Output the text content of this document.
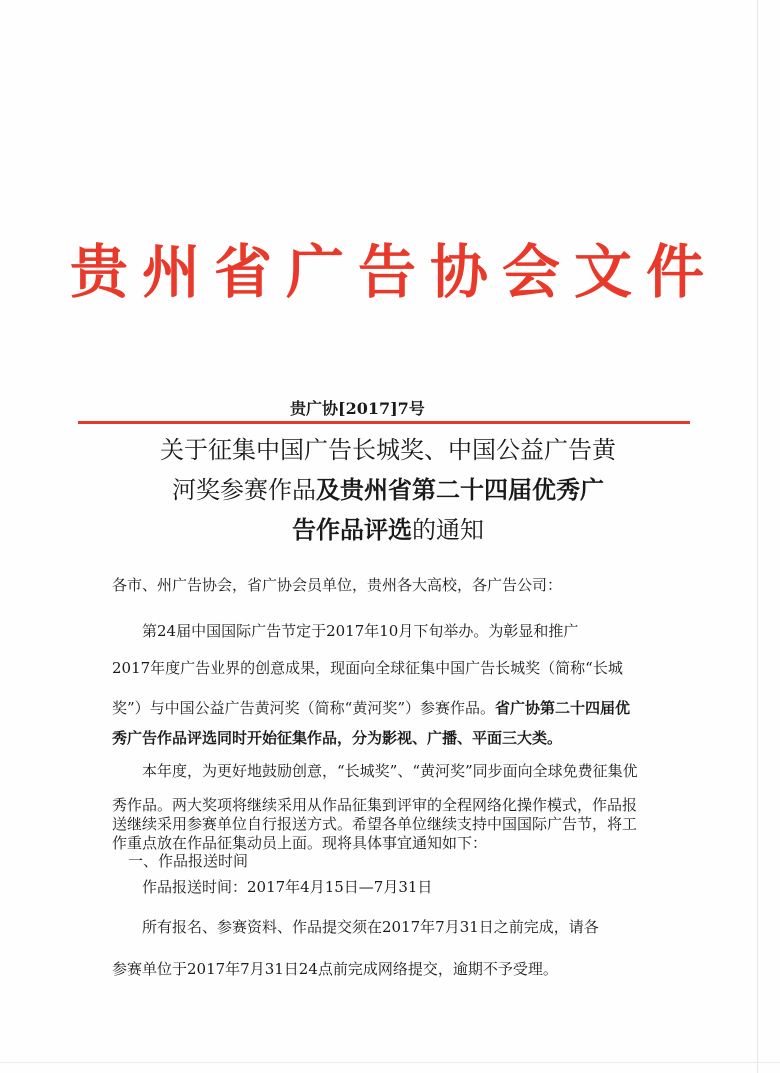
贵州省广告协会文件
贵广协[2017]7号
关于征集中国广告长城奖、中国公益广告黄
河奖参赛作品及贵州省第二十四届优秀广
告作品评选的通知
各市、州广告协会，省广协会员单位，贵州各大高校，各广告公司：
第24届中国国际广告节定于2017年10月下旬举办。为彰显和推广
2017年度广告业界的创意成果，现面向全球征集中国广告长城奖（简称“长城
奖”）与中国公益广告黄河奖（简称“黄河奖”）参赛作品。省广协第二十四届优
秀广告作品评选同时开始征集作品，分为影视、广播、平面三大类。
本年度，为更好地鼓励创意，“长城奖”、“黄河奖”同步面向全球免费征集优
秀作品。两大奖项将继续采用从作品征集到评审的全程网络化操作模式，作品报
送继续采用参赛单位自行报送方式。希望各单位继续支持中国国际广告节，将工
作重点放在作品征集动员上面。现将具体事宜通知如下：
一、作品报送时间
作品报送时间：2017年4月15日—7月31日
所有报名、参赛资料、作品提交须在2017年7月31日之前完成，请各
参赛单位于2017年7月31日24点前完成网络提交，逾期不予受理。
